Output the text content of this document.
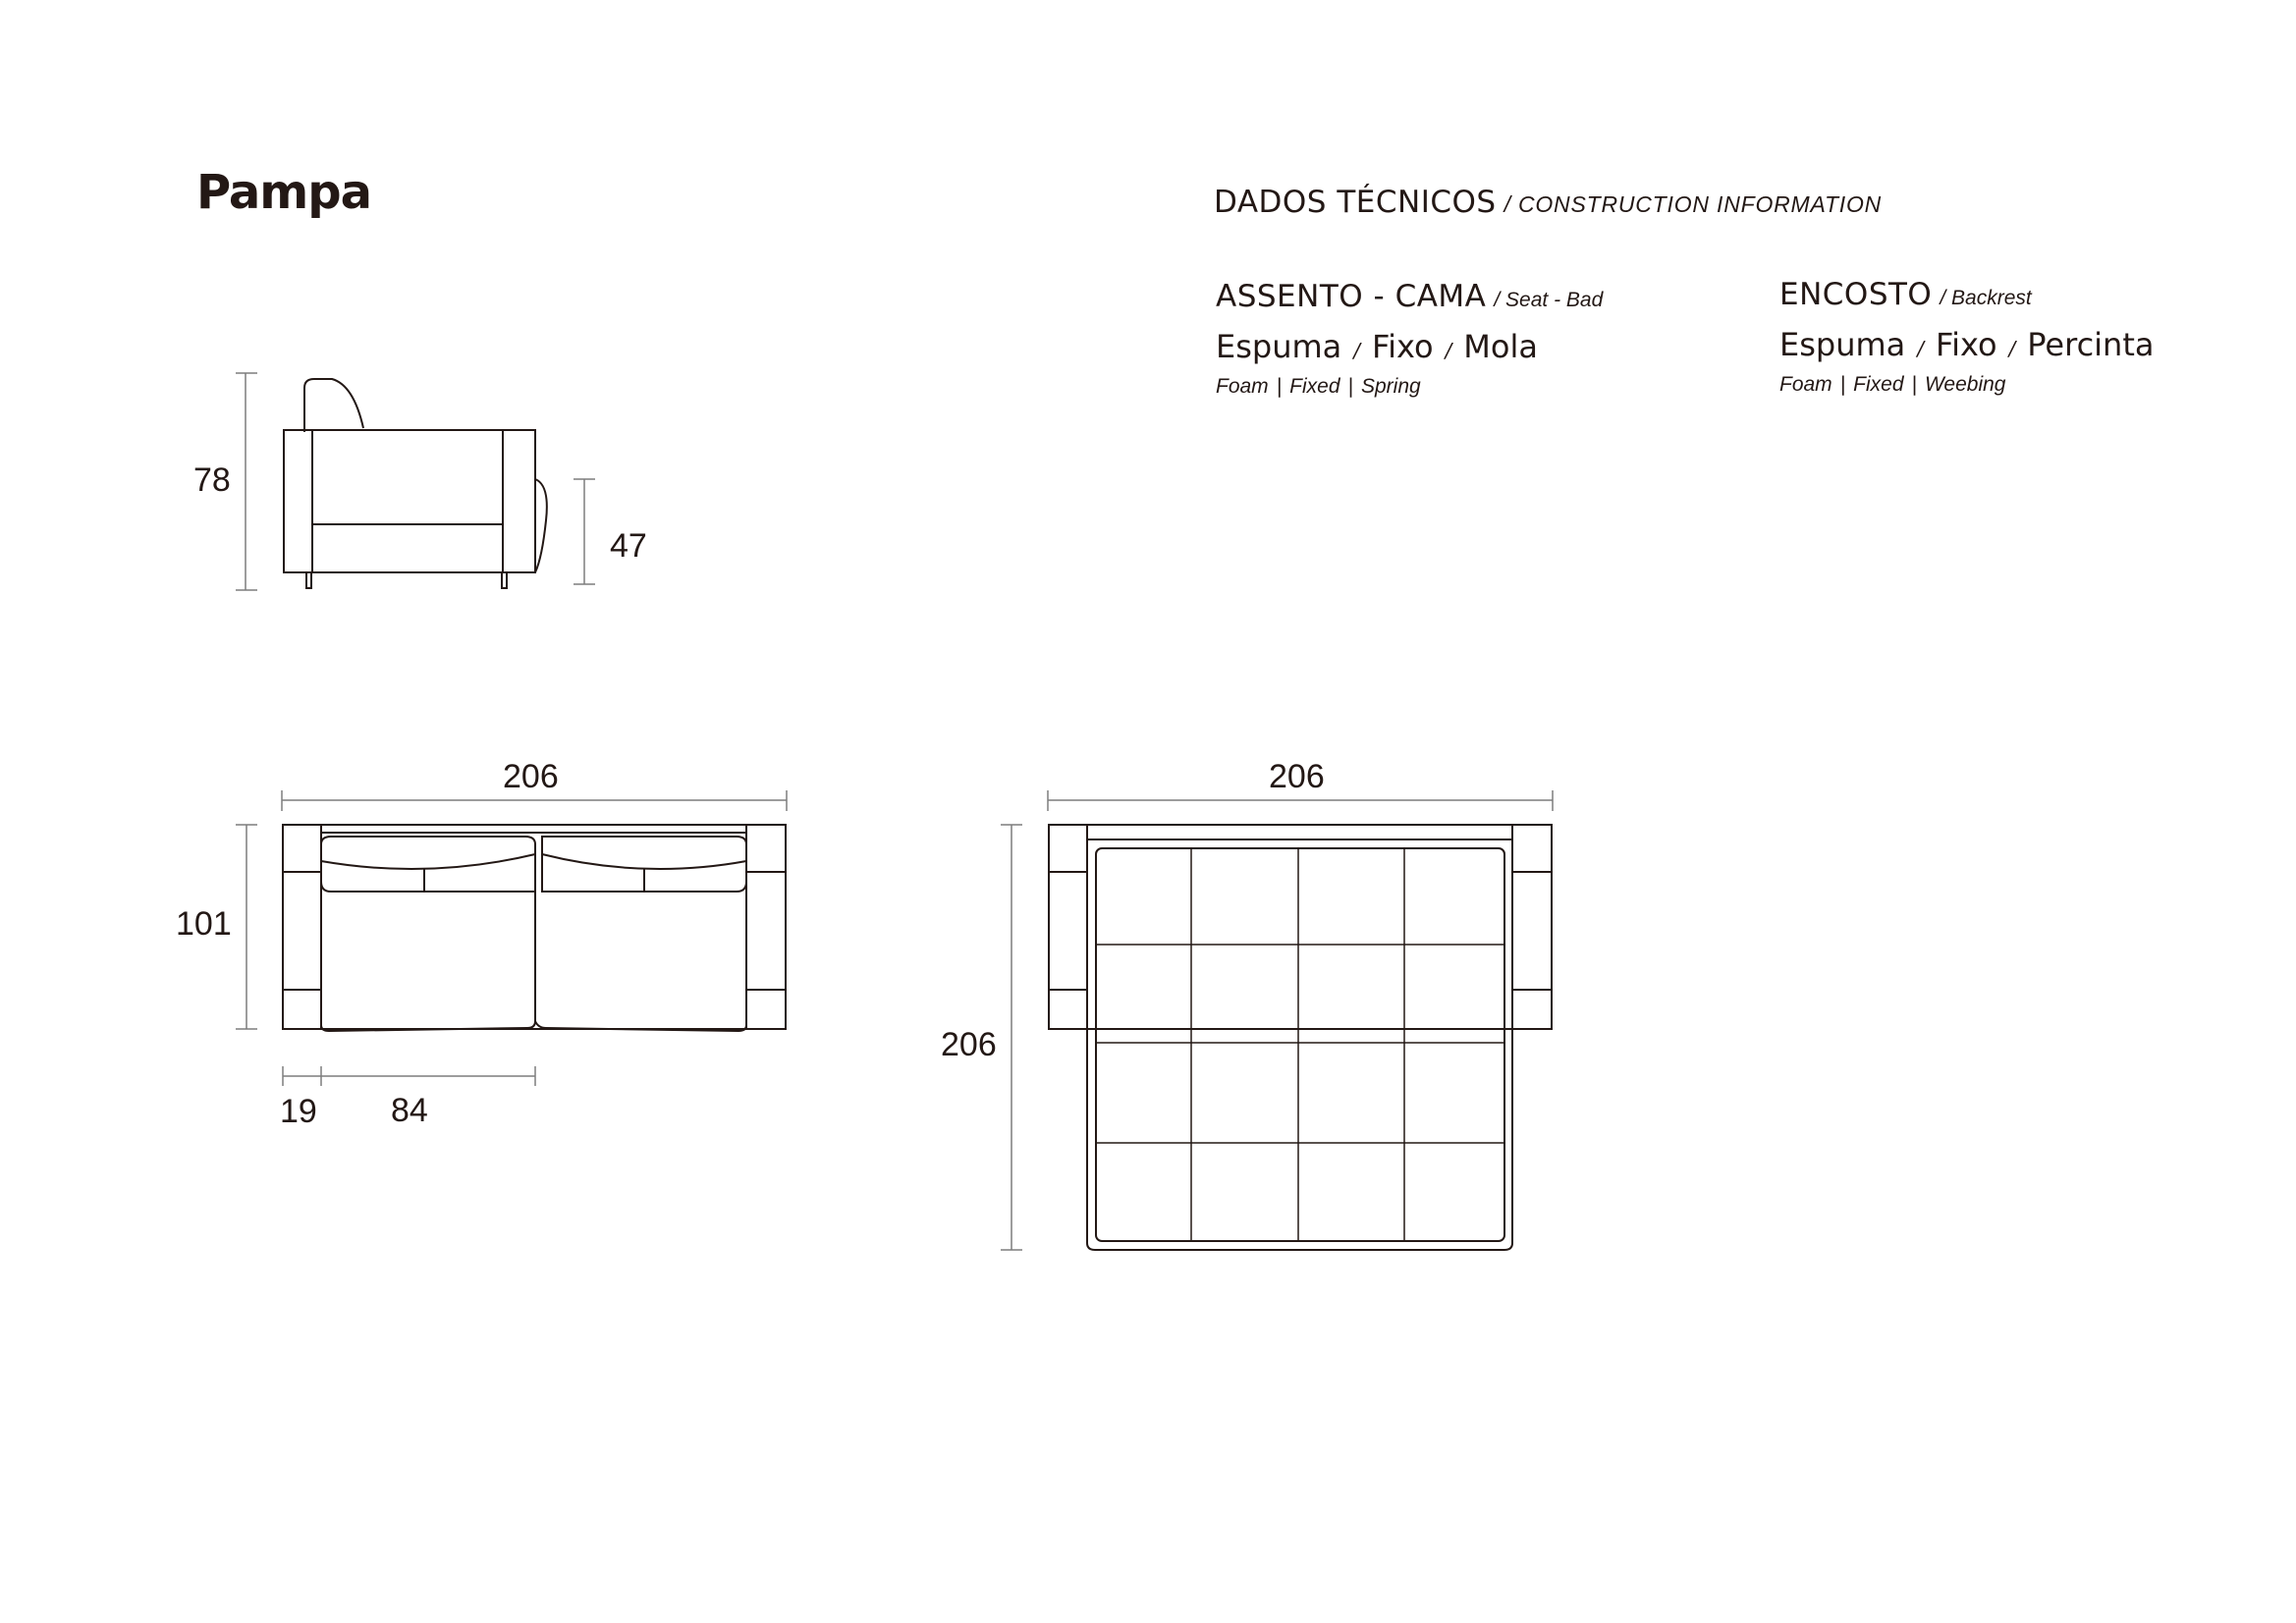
Pampa	DADOS TÉCNICOS / CONSTRUCTION INFORMATION
ASSENTO - CAMA / Seat - Bad
Espuma / Fixo / Mola
Foam | Fixed | Spring
ENCOSTO / Backrest
Espuma / Fixo / Percinta
Foam | Fixed | Weebing
78
47
206
101
19 84
206
206
